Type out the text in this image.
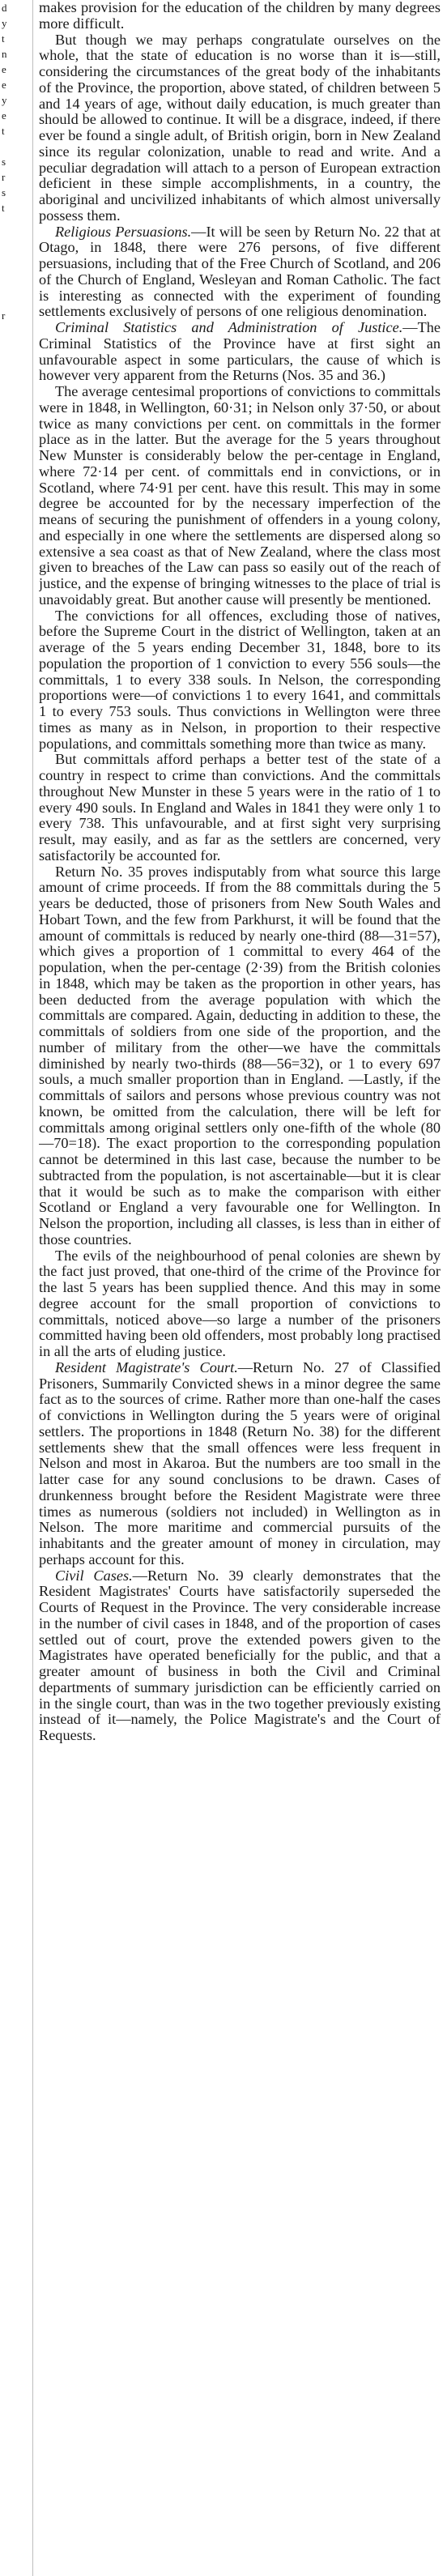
d
y
t
n
e
e
y
e
t
s
r
s
t
r

makes provision for the education of the children by many degrees more difficult.

But though we may perhaps congratulate ourselves on the whole, that the state of education is no worse than it is—still, considering the circumstances of the great body of the inhabitants of the Province, the proportion, above stated, of children between 5 and 14 years of age, without daily education, is much greater than should be allowed to continue. It will be a disgrace, indeed, if there ever be found a single adult, of British origin, born in New Zealand since its regular colonization, unable to read and write. And a peculiar degradation will attach to a person of European extraction deficient in these simple accomplishments, in a country, the aboriginal and uncivilized inhabitants of which almost universally possess them.

Religious Persuasions.—It will be seen by Return No. 22 that at Otago, in 1848, there were 276 persons, of five different persuasions, including that of the Free Church of Scotland, and 206 of the Church of England, Wesleyan and Roman Catholic. The fact is interesting as connected with the experiment of founding settlements exclusively of persons of one religious denomination.

Criminal Statistics and Administration of Justice.—The Criminal Statistics of the Province have at first sight an unfavourable aspect in some particulars, the cause of which is however very apparent from the Returns (Nos. 35 and 36.)

The average centesimal proportions of convictions to committals were in 1848, in Wellington, 60·31; in Nelson only 37·50, or about twice as many convictions per cent. on committals in the former place as in the latter. But the average for the 5 years throughout New Munster is considerably below the per-centage in England, where 72·14 per cent. of committals end in convictions, or in Scotland, where 74·91 per cent. have this result. This may in some degree be accounted for by the necessary imperfection of the means of securing the punishment of offenders in a young colony, and especially in one where the settlements are dispersed along so extensive a sea coast as that of New Zealand, where the class most given to breaches of the Law can pass so easily out of the reach of justice, and the expense of bringing witnesses to the place of trial is unavoidably great. But another cause will presently be mentioned.

The convictions for all offences, excluding those of natives, before the Supreme Court in the district of Wellington, taken at an average of the 5 years ending December 31, 1848, bore to its population the proportion of 1 conviction to every 556 souls—the committals, 1 to every 338 souls. In Nelson, the corresponding proportions were—of convictions 1 to every 1641, and committals 1 to every 753 souls. Thus convictions in Wellington were three times as many as in Nelson, in proportion to their respective populations, and committals something more than twice as many.

But committals afford perhaps a better test of the state of a country in respect to crime than convictions. And the committals throughout New Munster in these 5 years were in the ratio of 1 to every 490 souls. In England and Wales in 1841 they were only 1 to every 738. This unfavourable, and at first sight very surprising result, may easily, and as far as the settlers are concerned, very satisfactorily be accounted for.

Return No. 35 proves indisputably from what source this large amount of crime proceeds. If from the 88 committals during the 5 years be deducted, those of prisoners from New South Wales and Hobart Town, and the few from Parkhurst, it will be found that the amount of committals is reduced by nearly one-third (88—31=57), which gives a proportion of 1 committal to every 464 of the population, when the per-centage (2·39) from the British colonies in 1848, which may be taken as the proportion in other years, has been deducted from the average population with which the committals are compared. Again, deducting in addition to these, the committals of soldiers from one side of the proportion, and the number of military from the other—we have the committals diminished by nearly two-thirds (88—56=32), or 1 to every 697 souls, a much smaller proportion than in England. —Lastly, if the committals of sailors and persons whose previous country was not known, be omitted from the calculation, there will be left for committals among original settlers only one-fifth of the whole (80—70=18). The exact proportion to the corresponding population cannot be determined in this last case, because the number to be subtracted from the population, is not ascertainable—but it is clear that it would be such as to make the comparison with either Scotland or England a very favourable one for Wellington. In Nelson the proportion, including all classes, is less than in either of those countries.

The evils of the neighbourhood of penal colonies are shewn by the fact just proved, that one-third of the crime of the Province for the last 5 years has been supplied thence. And this may in some degree account for the small proportion of convictions to committals, noticed above—so large a number of the prisoners committed having been old offenders, most probably long practised in all the arts of eluding justice.

Resident Magistrate's Court.—Return No. 27 of Classified Prisoners, Summarily Convicted shews in a minor degree the same fact as to the sources of crime. Rather more than one-half the cases of convictions in Wellington during the 5 years were of original settlers. The proportions in 1848 (Return No. 38) for the different settlements shew that the small offences were less frequent in Nelson and most in Akaroa. But the numbers are too small in the latter case for any sound conclusions to be drawn. Cases of drunkenness brought before the Resident Magistrate were three times as numerous (soldiers not included) in Wellington as in Nelson. The more maritime and commercial pursuits of the inhabitants and the greater amount of money in circulation, may perhaps account for this.

Civil Cases.—Return No. 39 clearly demonstrates that the Resident Magistrates' Courts have satisfactorily superseded the Courts of Request in the Province. The very considerable increase in the number of civil cases in 1848, and of the proportion of cases settled out of court, prove the extended powers given to the Magistrates have operated beneficially for the public, and that a greater amount of business in both the Civil and Criminal departments of summary jurisdiction can be efficiently carried on in the single court, than was in the two together previously existing instead of it—namely, the Police Magistrate's and the Court of Requests.
